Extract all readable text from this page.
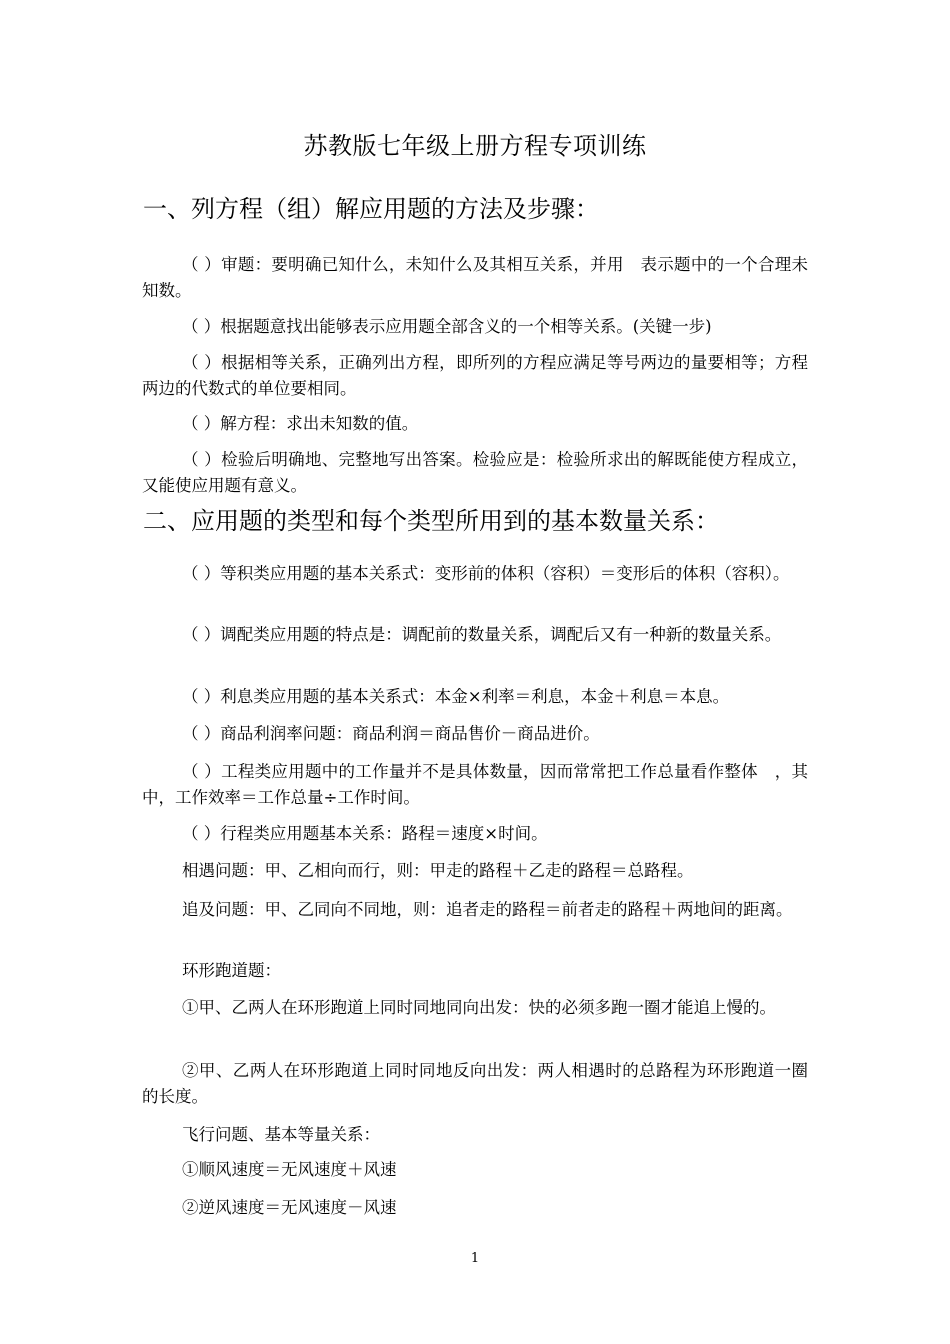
苏教版七年级上册方程专项训练
一、列方程（组）解应用题的方法及步骤：
（ ）审题：要明确已知什么，未知什么及其相互关系，并用　表示题中的一个合理未知数。
（ ）根据题意找出能够表示应用题全部含义的一个相等关系。(关键一步)
（ ）根据相等关系，正确列出方程，即所列的方程应满足等号两边的量要相等；方程两边的代数式的单位要相同。
（ ）解方程：求出未知数的值。
（ ）检验后明确地、完整地写出答案。检验应是：检验所求出的解既能使方程成立，又能使应用题有意义。
二、应用题的类型和每个类型所用到的基本数量关系：
（ ）等积类应用题的基本关系式：变形前的体积（容积）＝变形后的体积（容积）。
（ ）调配类应用题的特点是：调配前的数量关系，调配后又有一种新的数量关系。
（ ）利息类应用题的基本关系式：本金×利率＝利息，本金＋利息＝本息。
（ ）商品利润率问题：商品利润＝商品售价－商品进价。
（ ）工程类应用题中的工作量并不是具体数量，因而常常把工作总量看作整体　，其中，工作效率＝工作总量÷工作时间。
（ ）行程类应用题基本关系：路程＝速度×时间。
相遇问题：甲、乙相向而行，则：甲走的路程＋乙走的路程＝总路程。
追及问题：甲、乙同向不同地，则：追者走的路程＝前者走的路程＋两地间的距离。
环形跑道题：
①甲、乙两人在环形跑道上同时同地同向出发：快的必须多跑一圈才能追上慢的。
②甲、乙两人在环形跑道上同时同地反向出发：两人相遇时的总路程为环形跑道一圈的长度。
飞行问题、基本等量关系：
①顺风速度＝无风速度＋风速
②逆风速度＝无风速度－风速
1
